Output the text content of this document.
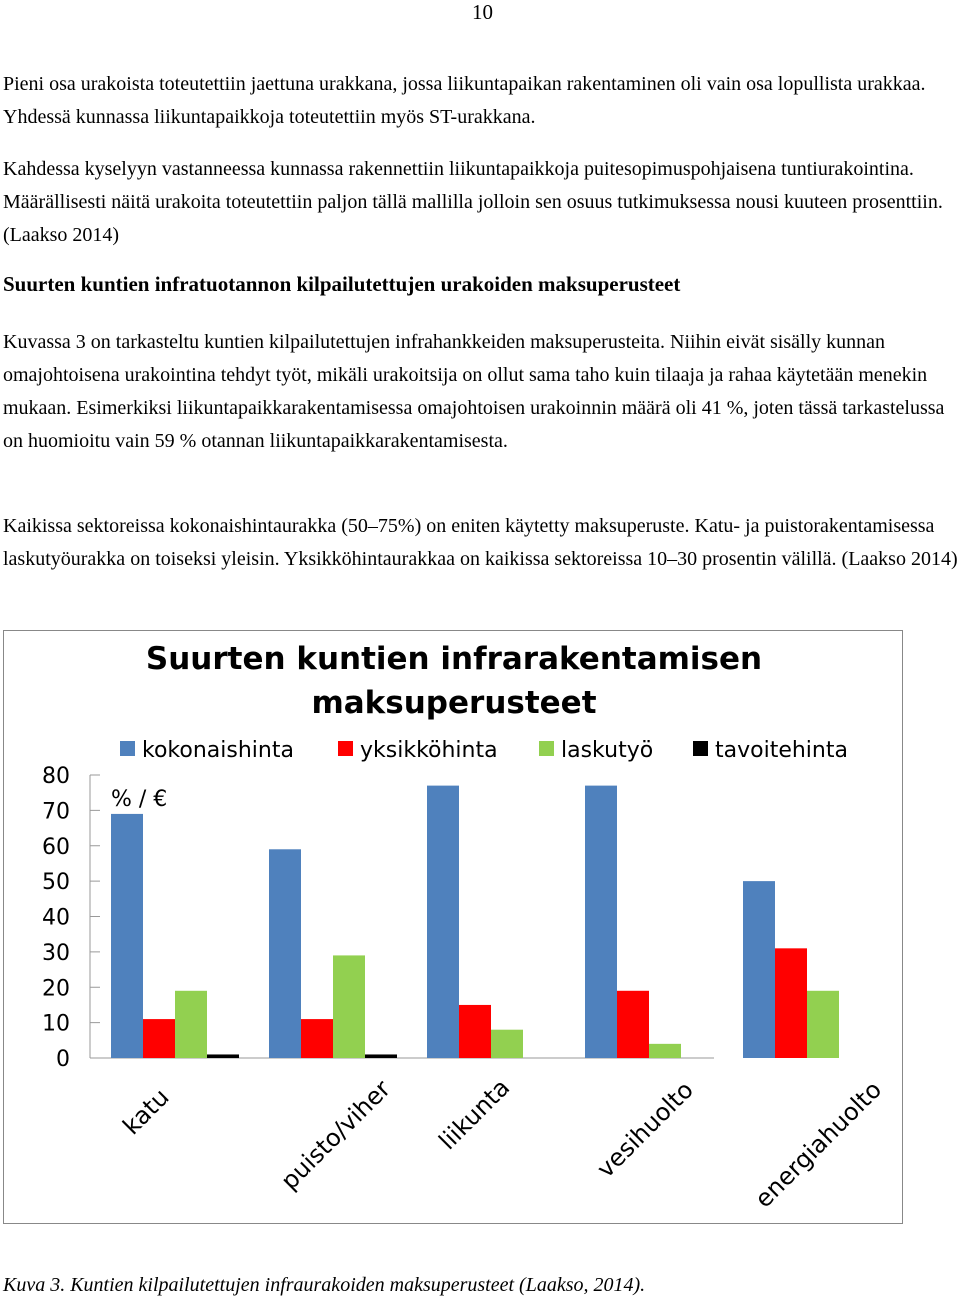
10

Pieni osa urakoista toteutettiin jaettuna urakkana, jossa liikuntapaikan rakentaminen oli vain osa lopullista urakkaa. Yhdessä kunnassa liikuntapaikkoja toteutettiin myös ST-urakkana.

Kahdessa kyselyyn vastanneessa kunnassa rakennettiin liikuntapaikkoja puitesopimuspohjaisena tuntiurakointina. Määrällisesti näitä urakoita toteutettiin paljon tällä mallilla jolloin sen osuus tutkimuksessa nousi kuuteen prosenttiin.(Laakso 2014)

Suurten kuntien infratuotannon kilpailutettujen urakoiden maksuperusteet

Kuvassa 3 on tarkasteltu kuntien kilpailutettujen infrahankkeiden maksuperusteita. Niihin eivät sisälly kunnan omajohtoisena urakointina tehdyt työt, mikäli urakoitsija on ollut sama taho kuin tilaaja ja rahaa käytetään menekin mukaan. Esimerkiksi liikuntapaikkarakentamisessa omajohtoisen urakoinnin määrä oli 41 %, joten tässä tarkastelussa on huomioitu vain 59 % otannan liikuntapaikkarakentamisesta.

Kaikissa sektoreissa kokonaishintaurakka (50–75%) on eniten käytetty maksuperuste. Katu- ja puistorakentamisessa laskutyöurakka on toiseksi yleisin. Yksikköhintaurakkaa on kaikissa sektoreissa 10–30 prosentin välillä. (Laakso 2014)

Suurten kuntien infrarakentamisen
maksuperusteet
kokonaishinta	yksikköhinta	laskutyö	tavoitehinta
% / €
0
10
20
30
40
50
60
70
80
katu	puisto/viher liikunta	vesihuolto energiahuolto

Kuva 3. Kuntien kilpailutettujen infraurakoiden maksuperusteet (Laakso, 2014).
